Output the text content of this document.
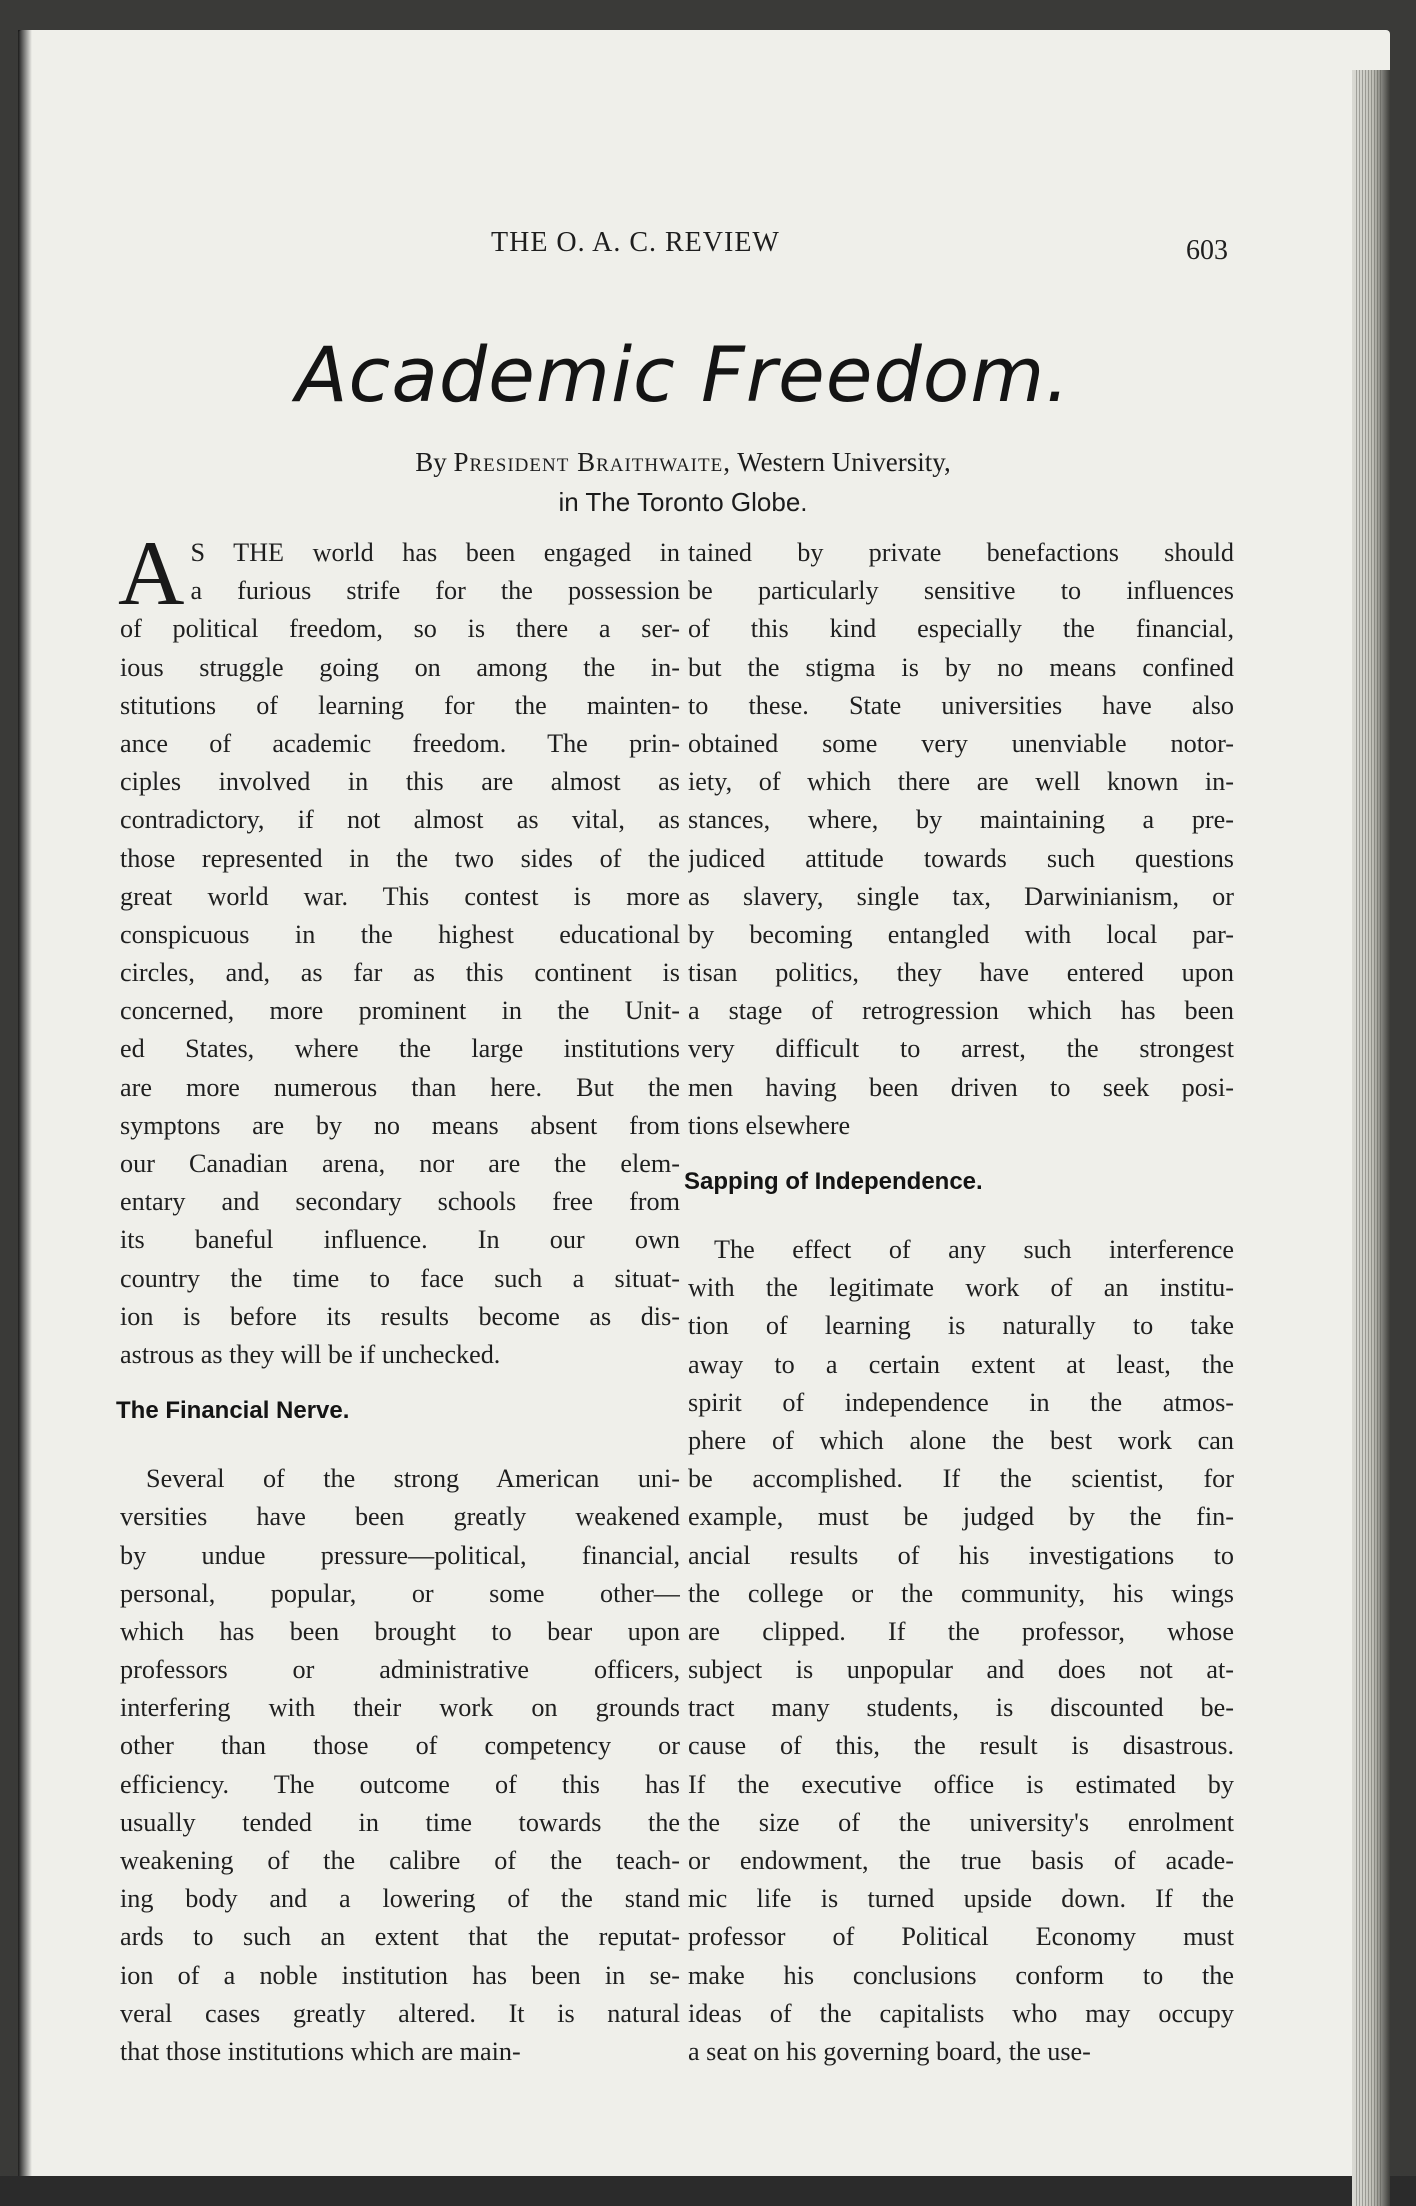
THE O. A. C. REVIEW	603
Academic Freedom.
By President Braithwaite, Western University,
in The Toronto Globe.
A S THE world has been engaged in
a furious strife for the possession
of political freedom, so is there a ser-
ious struggle going on among the in-
stitutions of learning for the mainten-
ance of academic freedom. The prin-
ciples involved in this are almost as
contradictory, if not almost as vital, as
those represented in the two sides of the
great world war. This contest is more
conspicuous in the highest educational
circles, and, as far as this continent is
concerned, more prominent in the Unit-
ed States, where the large institutions
are more numerous than here. But the
symptons are by no means absent from
our Canadian arena, nor are the elem-
entary and secondary schools free from
its baneful influence. In our own
country the time to face such a situat-
ion is before its results become as dis-
astrous as they will be if unchecked.
The Financial Nerve.
Several of the strong American uni-
versities have been greatly weakened
by undue pressure—political, financial,
personal, popular, or some other—
which has been brought to bear upon
professors or administrative officers,
interfering with their work on grounds
other than those of competency or
efficiency. The outcome of this has
usually tended in time towards the
weakening of the calibre of the teach-
ing body and a lowering of the stand
ards to such an extent that the reputat-
ion of a noble institution has been in se-
veral cases greatly altered. It is natural
that those institutions which are main-
tained by private benefactions should
be particularly sensitive to influences
of this kind especially the financial,
but the stigma is by no means confined
to these. State universities have also
obtained some very unenviable notor-
iety, of which there are well known in-
stances, where, by maintaining a pre-
judiced attitude towards such questions
as slavery, single tax, Darwinianism, or
by becoming entangled with local par-
tisan politics, they have entered upon
a stage of retrogression which has been
very difficult to arrest, the strongest
men having been driven to seek posi-
tions elsewhere
Sapping of Independence.
The effect of any such interference
with the legitimate work of an institu-
tion of learning is naturally to take
away to a certain extent at least, the
spirit of independence in the atmos-
phere of which alone the best work can
be accomplished. If the scientist, for
example, must be judged by the fin-
ancial results of his investigations to
the college or the community, his wings
are clipped. If the professor, whose
subject is unpopular and does not at-
tract many students, is discounted be-
cause of this, the result is disastrous.
If the executive office is estimated by
the size of the university's enrolment
or endowment, the true basis of acade-
mic life is turned upside down. If the
professor of Political Economy must
make his conclusions conform to the
ideas of the capitalists who may occupy
a seat on his governing board, the use-
